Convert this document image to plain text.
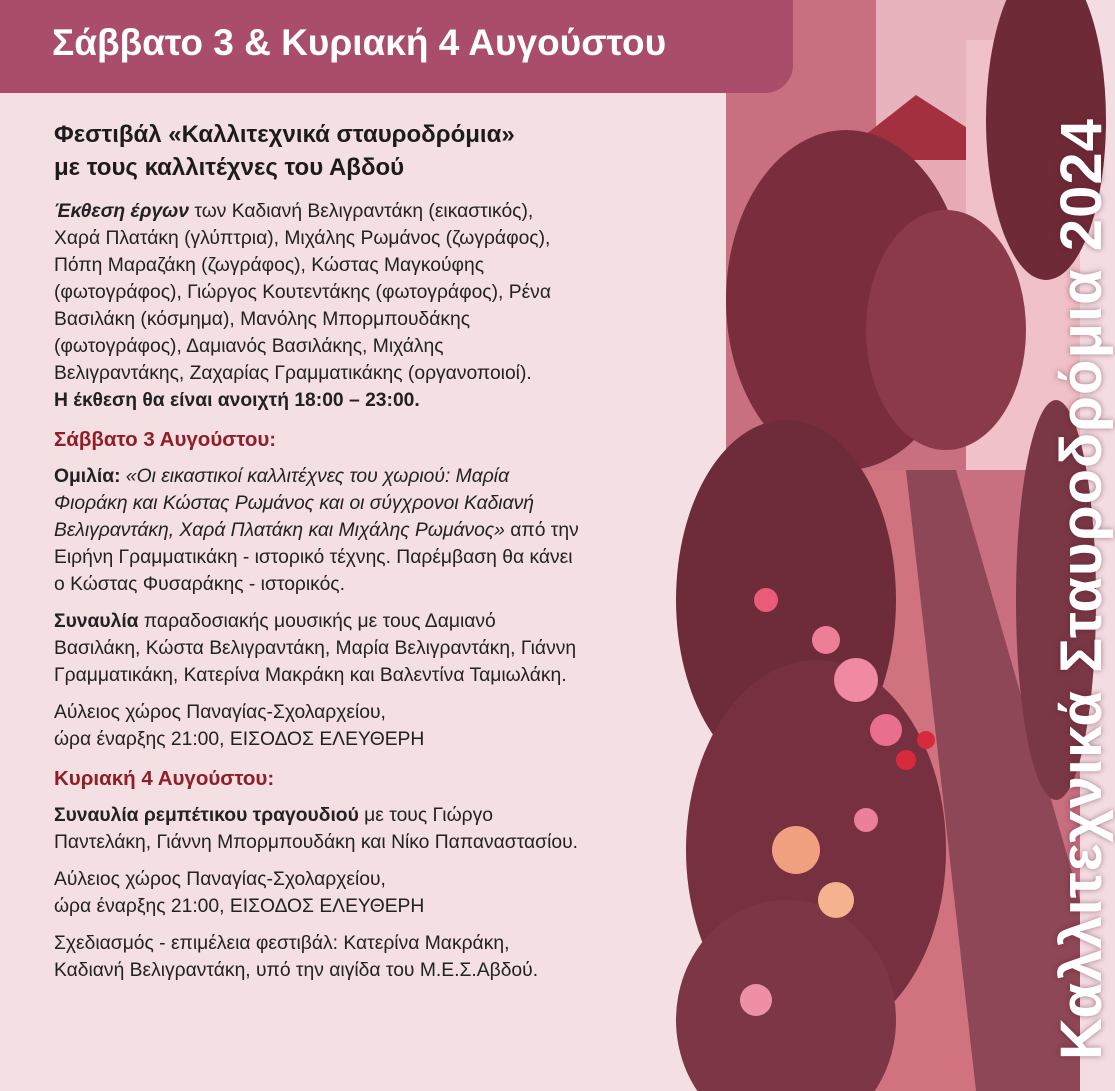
Καλλιτεχνικά Σταυροδρόμια 2024
Σάββατο 3 & Κυριακή 4 Αυγούστου
Φεστιβάλ «Καλλιτεχνικά σταυροδρόμια»
με τους καλλιτέχνες του Αβδού
Έκθεση έργων των Καδιανή Βελιγραντάκη (εικαστικός),
Χαρά Πλατάκη (γλύπτρια), Μιχάλης Ρωμάνος (ζωγράφος),
Πόπη Μαραζάκη (ζωγράφος), Κώστας Μαγκούφης
(φωτογράφος), Γιώργος Κουτεντάκης (φωτογράφος), Ρένα
Βασιλάκη (κόσμημα), Μανόλης Μπορμπουδάκης
(φωτογράφος), Δαμιανός Βασιλάκης, Μιχάλης
Βελιγραντάκης, Ζαχαρίας Γραμματικάκης (οργανοποιοί).
Η έκθεση θα είναι ανοιχτή 18:00 – 23:00.
Σάββατο 3 Αυγούστου:
Ομιλία: «Οι εικαστικοί καλλιτέχνες του χωριού: Μαρία
Φιοράκη και Κώστας Ρωμάνος και οι σύγχρονοι Καδιανή
Βελιγραντάκη, Χαρά Πλατάκη και Μιχάλης Ρωμάνος» από την
Ειρήνη Γραμματικάκη - ιστορικό τέχνης. Παρέμβαση θα κάνει
ο Κώστας Φυσαράκης - ιστορικός.
Συναυλία παραδοσιακής μουσικής με τους Δαμιανό
Βασιλάκη, Κώστα Βελιγραντάκη, Μαρία Βελιγραντάκη, Γιάννη
Γραμματικάκη, Κατερίνα Μακράκη και Βαλεντίνα Ταμιωλάκη.
Αύλειος χώρος Παναγίας-Σχολαρχείου,
ώρα έναρξης 21:00, ΕΙΣΟΔΟΣ ΕΛΕΥΘΕΡΗ
Κυριακή 4 Αυγούστου:
Συναυλία ρεμπέτικου τραγουδιού με τους Γιώργο
Παντελάκη, Γιάννη Μπορμπουδάκη και Νίκο Παπαναστασίου.
Αύλειος χώρος Παναγίας-Σχολαρχείου,
ώρα έναρξης 21:00, ΕΙΣΟΔΟΣ ΕΛΕΥΘΕΡΗ
Σχεδιασμός - επιμέλεια φεστιβάλ: Κατερίνα Μακράκη,
Καδιανή Βελιγραντάκη, υπό την αιγίδα του Μ.Ε.Σ.Αβδού.
